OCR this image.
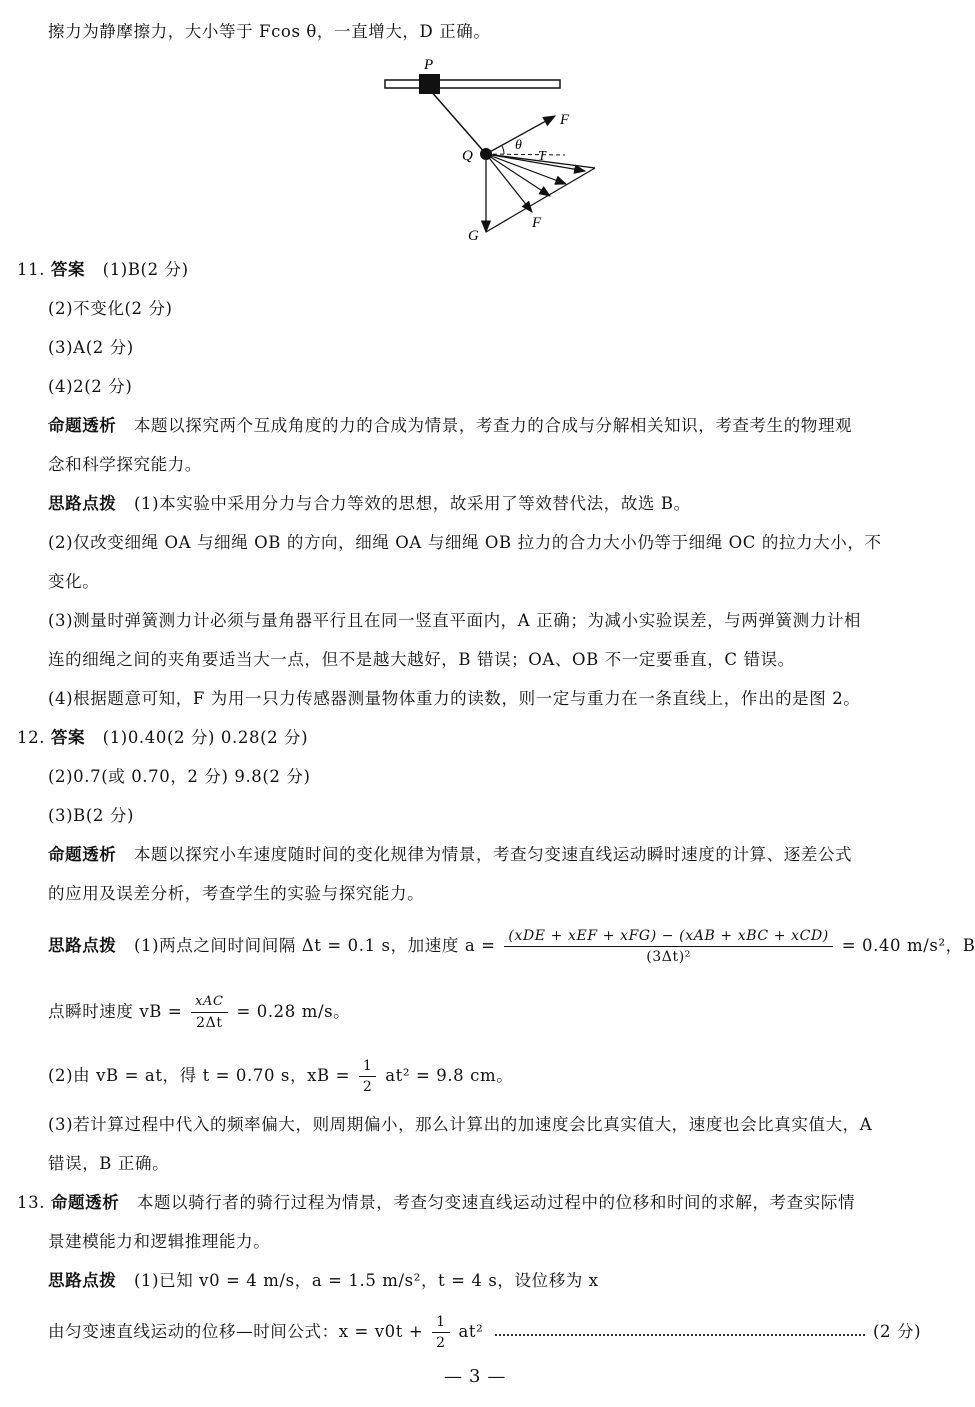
擦力为静摩擦力，大小等于 Fcos θ，一直增大，D 正确。
P
Q
F
θ
T
F
G
11. 答案 (1)B(2 分)
(2)不变化(2 分)
(3)A(2 分)
(4)2(2 分)
命题透析 本题以探究两个互成角度的力的合成为情景，考查力的合成与分解相关知识，考查考生的物理观
念和科学探究能力。
思路点拨 (1)本实验中采用分力与合力等效的思想，故采用了等效替代法，故选 B。
(2)仅改变细绳 OA 与细绳 OB 的方向，细绳 OA 与细绳 OB 拉力的合力大小仍等于细绳 OC 的拉力大小，不
变化。
(3)测量时弹簧测力计必须与量角器平行且在同一竖直平面内，A 正确；为减小实验误差，与两弹簧测力计相
连的细绳之间的夹角要适当大一点，但不是越大越好，B 错误；OA、OB 不一定要垂直，C 错误。
(4)根据题意可知，F 为用一只力传感器测量物体重力的读数，则一定与重力在一条直线上，作出的是图 2。
12. 答案 (1)0.40(2 分) 0.28(2 分)
(2)0.7(或 0.70，2 分) 9.8(2 分)
(3)B(2 分)
命题透析 本题以探究小车速度随时间的变化规律为情景，考查匀变速直线运动瞬时速度的计算、逐差公式
的应用及误差分析，考查学生的实验与探究能力。
思路点拨 (1)两点之间时间间隔 Δt = 0.1 s，加速度 $a = \frac{\text{(xDE + xEF + xFG) − (xAB + xBC + xCD)}}{\text{(3Δt)²}} = 0.40$ m/s²，B
点瞬时速度 vB = $\frac{\text{xAC}}{2\Delta t} = 0.28$ m/s。
(2)由 vB = at，得 t = 0.70 s，xB = $\frac{1}{2} at^2 = 9.8$ cm。
(3)若计算过程中代入的频率偏大，则周期偏小，那么计算出的加速度会比真实值大，速度也会比真实值大，A
错误，B 正确。
13. 命题透析 本题以骑行者的骑行过程为情景，考查匀变速直线运动过程中的位移和时间的求解，考查实际情
景建模能力和逻辑推理能力。
思路点拨 (1)已知 v0 = 4 m/s，a = 1.5 m/s²，t = 4 s，设位移为 x
由匀变速直线运动的位移—时间公式：$x = v0t + \frac{1}{2} at^2$	(2 分)
— 3 —
